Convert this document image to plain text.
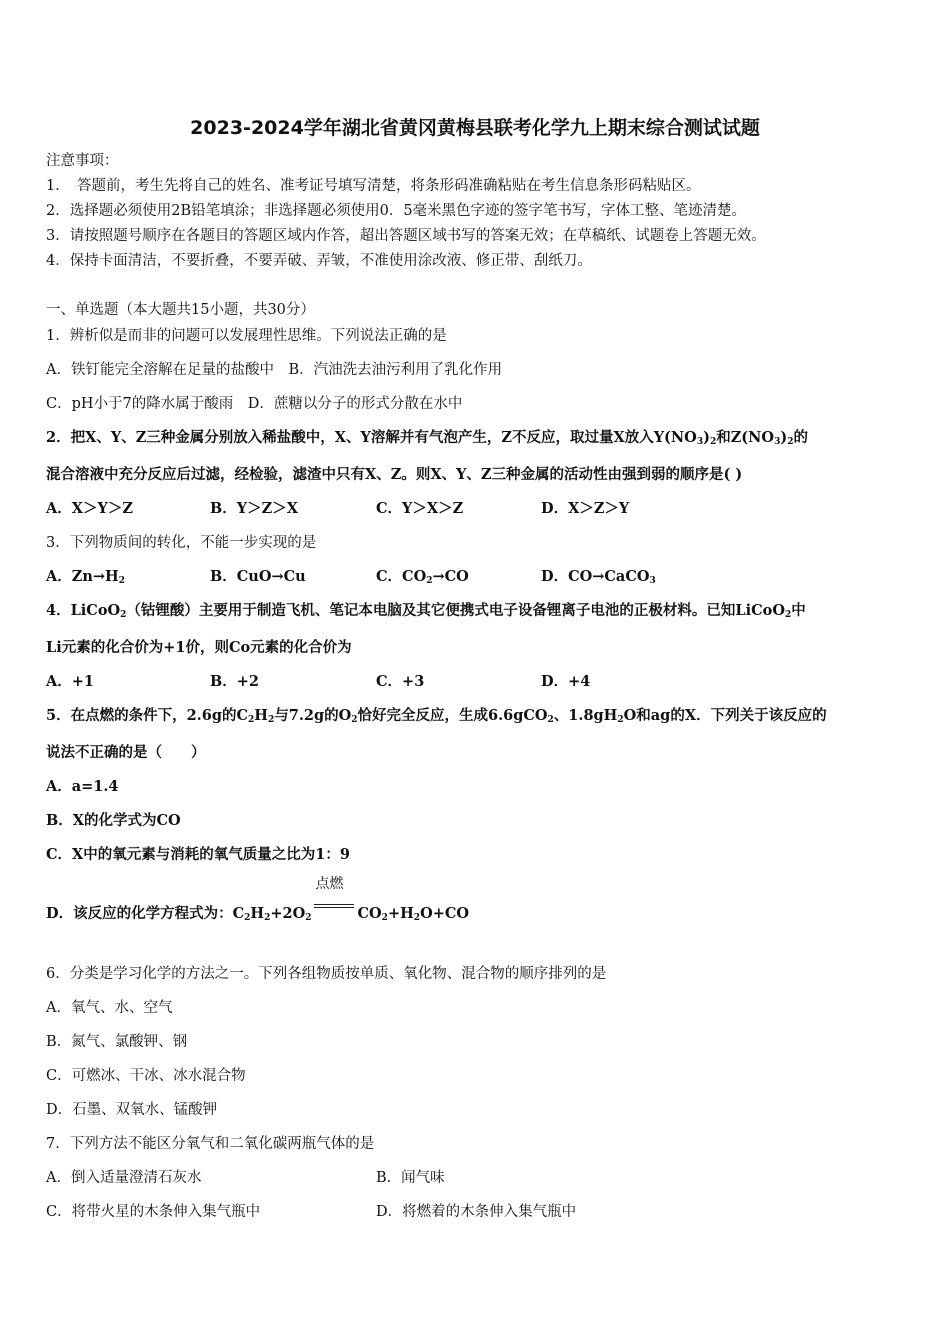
2023-2024学年湖北省黄冈黄梅县联考化学九上期末综合测试试题
注意事项：
1．　答题前，考生先将自己的姓名、准考证号填写清楚，将条形码准确粘贴在考生信息条形码粘贴区。
2．选择题必须使用2B铅笔填涂；非选择题必须使用0．5毫米黑色字迹的签字笔书写，字体工整、笔迹清楚。
3．请按照题号顺序在各题目的答题区域内作答，超出答题区域书写的答案无效；在草稿纸、试题卷上答题无效。
4．保持卡面清洁，不要折叠，不要弄破、弄皱，不准使用涂改液、修正带、刮纸刀。
一、单选题（本大题共15小题，共30分）
1．辨析似是而非的问题可以发展理性思维。下列说法正确的是
A．铁钉能完全溶解在足量的盐酸中　B．汽油洗去油污利用了乳化作用
C．pH小于7的降水属于酸雨　D．蔗糖以分子的形式分散在水中
2．把X、Y、Z三种金属分别放入稀盐酸中，X、Y溶解并有气泡产生，Z不反应，取过量X放入$Y(NO_3)_2$和$Z(NO_3)_2$的
混合溶液中充分反应后过滤，经检验，滤渣中只有X、Z。则X、Y、Z三种金属的活动性由强到弱的顺序是( )
A．X＞Y＞Z	B．Y＞Z＞X	C．Y＞X＞Z	D．X＞Z＞Y
3．下列物质间的转化，不能一步实现的是
A．$Zn\to H_2$	B．CuO→Cu	C．$CO_2\to CO$	D．CO→CaCO$_3$
4．LiCoO$_2$（钴锂酸）主要用于制造飞机、笔记本电脑及其它便携式电子设备锂离子电池的正极材料。已知LiCoO$_2$中
Li元素的化合价为+1价，则Co元素的化合价为
A．+1	B．+2	C．+3	D．+4
5．在点燃的条件下，2.6g的$C_2H_2$与7.2g的$O_2$恰好完全反应，生成6.6gCO$_2$、$1.8gH_2O$和ag的X．下列关于该反应的
说法不正确的是（　　）
A．a=1.4
B．X的化学式为CO
C．X中的氧元素与消耗的氧气质量之比为1：9
D．该反应的化学方程式为：$C_2H_2+2O_2$
点燃
$CO_2+H_2O+CO$
6．分类是学习化学的方法之一。下列各组物质按单质、氧化物、混合物的顺序排列的是
A．氧气、水、空气
B．氮气、氯酸钾、钢
C．可燃冰、干冰、冰水混合物
D．石墨、双氧水、锰酸钾
7．下列方法不能区分氧气和二氧化碳两瓶气体的是
A．倒入适量澄清石灰水	B．闻气味
C．将带火星的木条伸入集气瓶中	D．将燃着的木条伸入集气瓶中
